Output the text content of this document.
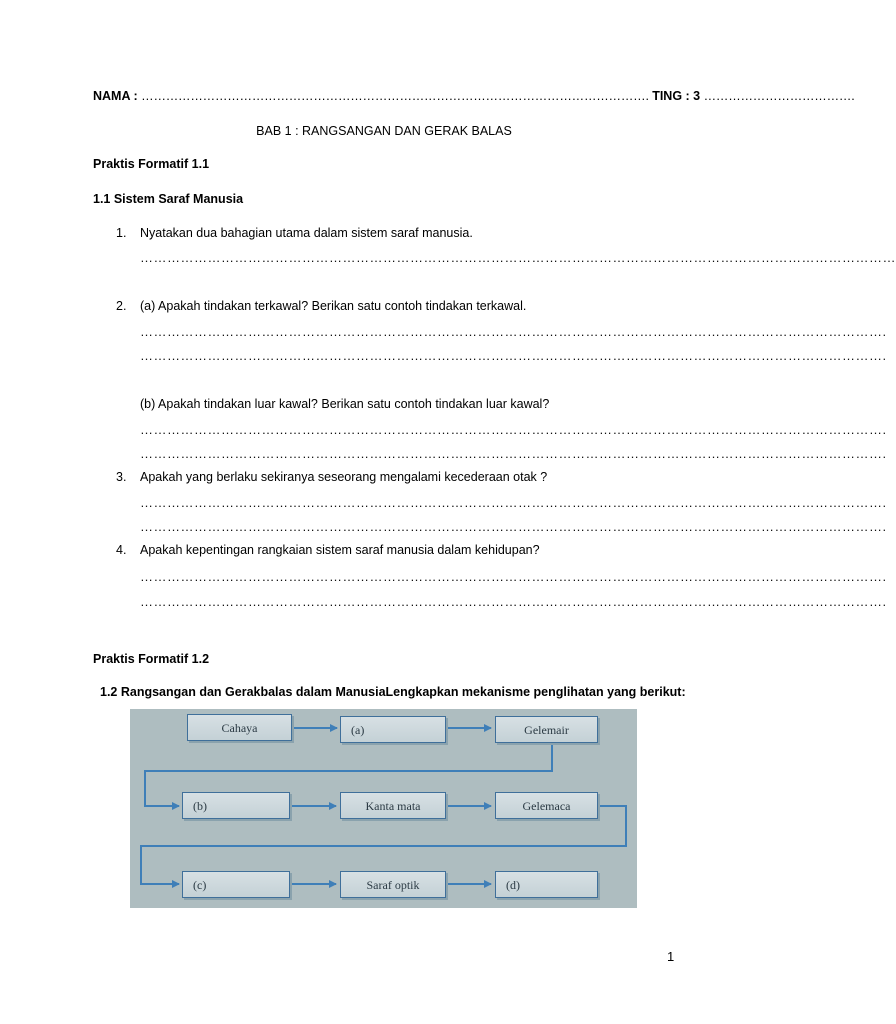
NAMA : ……………………………………………………………………………………………………………. TING : 3 ……………………………….
BAB 1 : RANGSANGAN DAN GERAK BALAS
Praktis Formatif 1.1
1.1 Sistem Saraf Manusia
1. Nyatakan dua bahagian utama dalam sistem saraf manusia.
……………………………………………………………………………………………………………………………………………………
2. (a) Apakah tindakan terkawal? Berikan satu contoh tindakan terkawal.
………………………………………………………………………………………………………………………………………………….
………………………………………………………………………………………………………………………………………………….
(b) Apakah tindakan luar kawal? Berikan satu contoh tindakan luar kawal?
………………………………………………………………………………………………………………………………………………….
………………………………………………………………………………………………………………………………………………….
3. Apakah yang berlaku sekiranya seseorang mengalami kecederaan otak ?
………………………………………………………………………………………………………………………………………………….
………………………………………………………………………………………………………………………………………………….
4. Apakah kepentingan rangkaian sistem saraf manusia dalam kehidupan?
………………………………………………………………………………………………………………………………………………….
………………………………………………………………………………………………………………………………………………….
Praktis Formatif 1.2
1.2 Rangsangan dan Gerakbalas dalam ManusiaLengkapkan mekanisme penglihatan yang berikut:
Cahaya	(a)	Gelemair
(b)	Kanta mata	Gelemaca
(c)	Saraf optik	(d)
1
